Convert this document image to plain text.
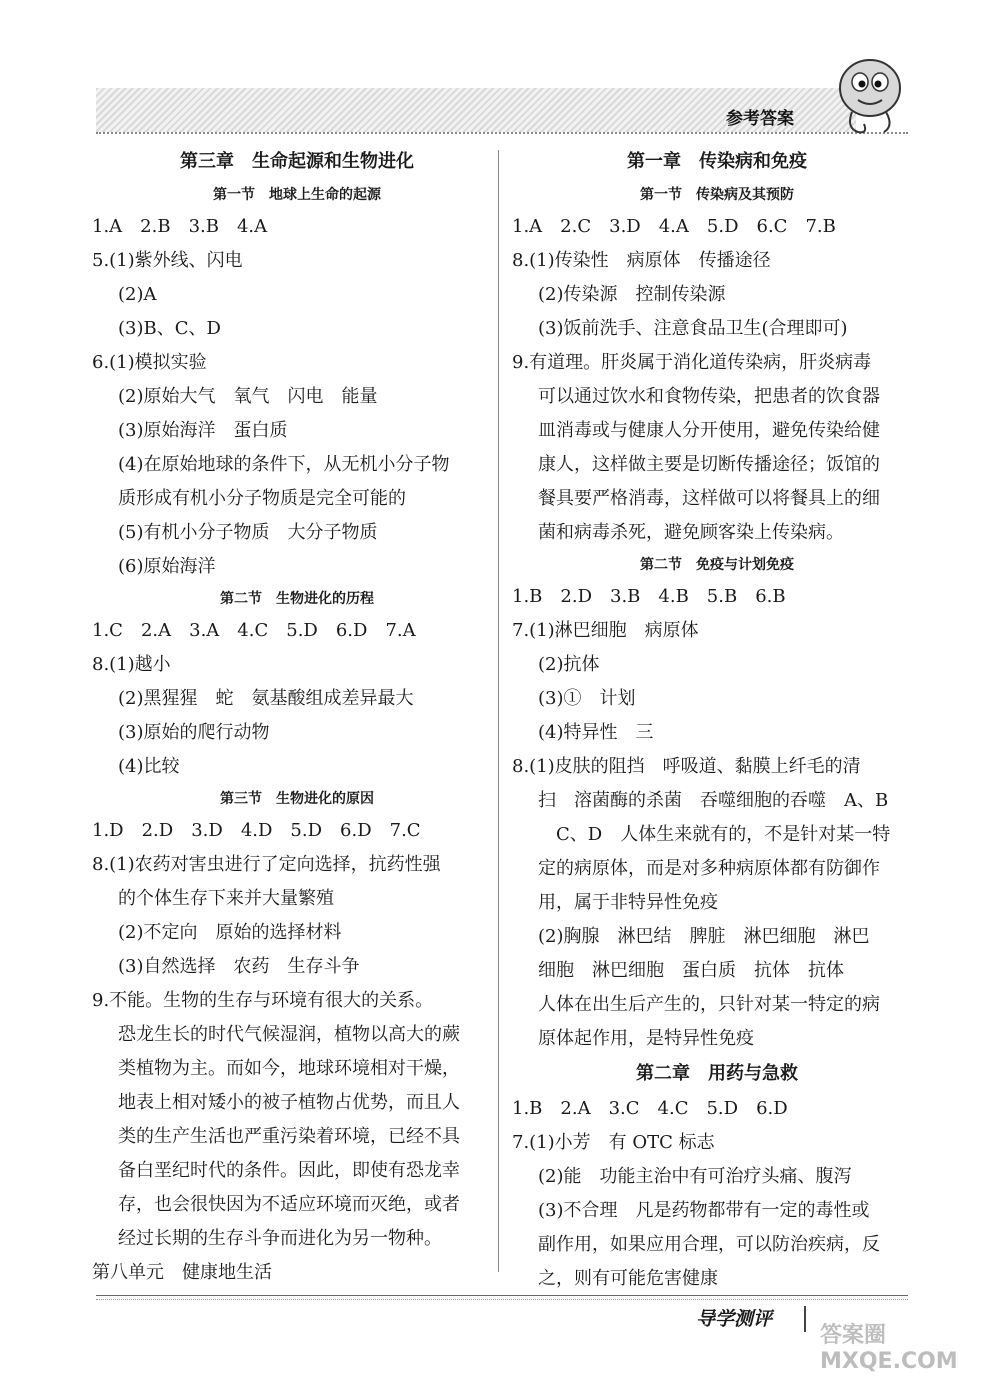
参考答案
第三章　生命起源和生物进化
第一节　地球上生命的起源
1.A　2.B　3.B　4.A
5.(1)紫外线、闪电
(2)A
(3)B、C、D
6.(1)模拟实验
(2)原始大气　氧气　闪电　能量
(3)原始海洋　蛋白质
(4)在原始地球的条件下，从无机小分子物
质形成有机小分子物质是完全可能的
(5)有机小分子物质　大分子物质
(6)原始海洋
第二节　生物进化的历程
1.C　2.A　3.A　4.C　5.D　6.D　7.A
8.(1)越小
(2)黑猩猩　蛇　氨基酸组成差异最大
(3)原始的爬行动物
(4)比较
第三节　生物进化的原因
1.D　2.D　3.D　4.D　5.D　6.D　7.C
8.(1)农药对害虫进行了定向选择，抗药性强
的个体生存下来并大量繁殖
(2)不定向　原始的选择材料
(3)自然选择　农药　生存斗争
9.不能。生物的生存与环境有很大的关系。
恐龙生长的时代气候湿润，植物以高大的蕨
类植物为主。而如今，地球环境相对干燥，
地表上相对矮小的被子植物占优势，而且人
类的生产生活也严重污染着环境，已经不具
备白垩纪时代的条件。因此，即使有恐龙幸
存，也会很快因为不适应环境而灭绝，或者
经过长期的生存斗争而进化为另一物种。
第八单元　健康地生活
第一章　传染病和免疫
第一节　传染病及其预防
1.A　2.C　3.D　4.A　5.D　6.C　7.B
8.(1)传染性　病原体　传播途径
(2)传染源　控制传染源
(3)饭前洗手、注意食品卫生(合理即可)
9.有道理。肝炎属于消化道传染病，肝炎病毒
可以通过饮水和食物传染，把患者的饮食器
皿消毒或与健康人分开使用，避免传染给健
康人，这样做主要是切断传播途径；饭馆的
餐具要严格消毒，这样做可以将餐具上的细
菌和病毒杀死，避免顾客染上传染病。
第二节　免疫与计划免疫
1.B　2.D　3.B　4.B　5.B　6.B
7.(1)淋巴细胞　病原体
(2)抗体
(3)①　计划
(4)特异性　三
8.(1)皮肤的阻挡　呼吸道、黏膜上纤毛的清
扫　溶菌酶的杀菌　吞噬细胞的吞噬　A、B
　C、D　人体生来就有的，不是针对某一特
定的病原体，而是对多种病原体都有防御作
用，属于非特异性免疫
(2)胸腺　淋巴结　脾脏　淋巴细胞　淋巴
细胞　淋巴细胞　蛋白质　抗体　抗体
人体在出生后产生的，只针对某一特定的病
原体起作用，是特异性免疫
第二章　用药与急救
1.B　2.A　3.C　4.C　5.D　6.D
7.(1)小芳　有 OTC 标志
(2)能　功能主治中有可治疗头痛、腹泻
(3)不合理　凡是药物都带有一定的毒性或
副作用，如果应用合理，可以防治疾病，反
之，则有可能危害健康
导学测评
答案圈 MXQE.COM
